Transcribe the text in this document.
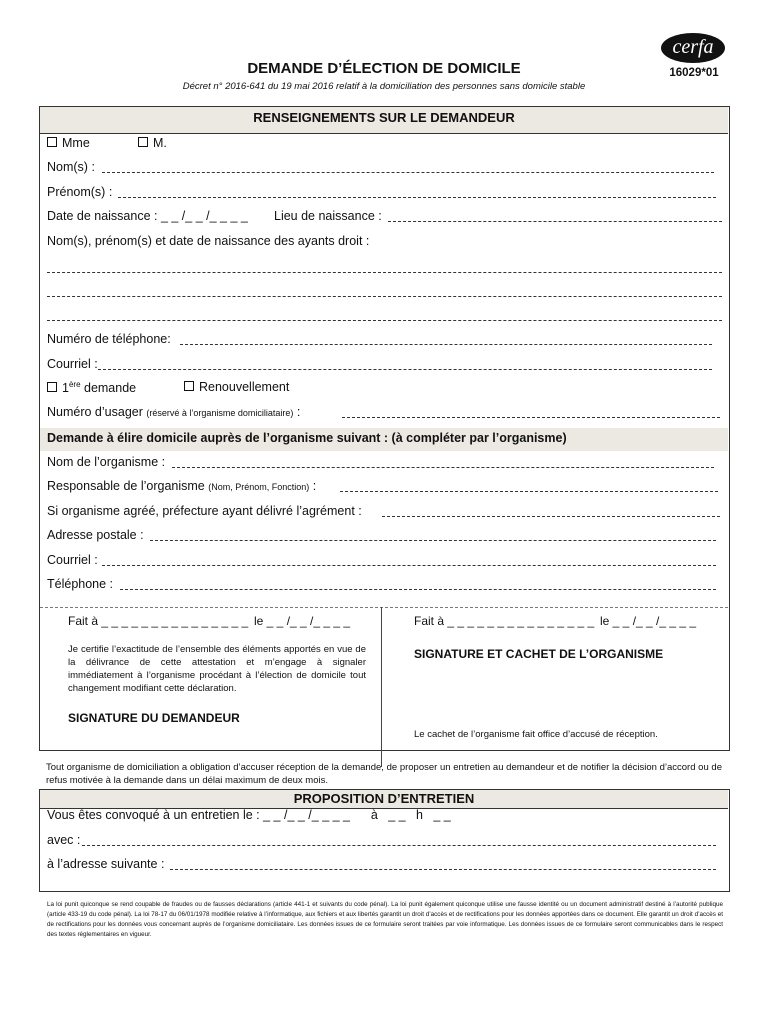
DEMANDE D’ÉLECTION DE DOMICILE
Décret n° 2016-641 du 19 mai 2016 relatif à la domiciliation des personnes sans domicile stable
cerfa
16029*01
RENSEIGNEMENTS SUR LE DEMANDEUR
Mme	M.
Nom(s) :
Prénom(s) :
Date de naissance : _ _ /_ _ /_ _ _ _ Lieu de naissance :
Nom(s), prénom(s) et date de naissance des ayants droit :
Numéro de téléphone:
Courriel :
1ère demande	Renouvellement
Numéro d’usager (réservé à l’organisme domiciliataire) :
Demande à élire domicile auprès de l’organisme suivant : (à compléter par l’organisme)
Nom de l’organisme :
Responsable de l’organisme (Nom, Prénom, Fonction) :
Si organisme agréé, préfecture ayant délivré l’agrément :
Adresse postale :
Courriel :
Téléphone :
Fait à _ _ _ _ _ _ _ _ _ _ _ _ _ _ _ le _ _ /_ _ /_ _ _ _
Je certifie l’exactitude de l’ensemble des éléments apportés en vue de la délivrance de cette attestation et m’engage à signaler immédiatement à l’organisme procédant à l’élection de domicile tout changement modifiant cette déclaration.
SIGNATURE DU DEMANDEUR
Fait à _ _ _ _ _ _ _ _ _ _ _ _ _ _ _ le _ _ /_ _ /_ _ _ _
SIGNATURE ET CACHET DE L’ORGANISME
Le cachet de l’organisme fait office d’accusé de réception.
Tout organisme de domiciliation a obligation d’accuser réception de la demande, de proposer un entretien au demandeur et de notifier la décision d’accord ou de refus motivée à la demande dans un délai maximum de deux mois.
PROPOSITION D’ENTRETIEN
Vous êtes convoqué à un entretien le : _ _ /_ _ /_ _ _ _      à   _ _   h   _ _
avec :
à l’adresse suivante :
La loi punit quiconque se rend coupable de fraudes ou de fausses déclarations (article 441-1 et suivants du code pénal). La loi punit également quiconque utilise une fausse identité ou un document administratif destiné à l’autorité publique (article 433-19 du code pénal). La loi 78-17 du 06/01/1978 modifiée relative à l’informatique, aux fichiers et aux libertés garantit un droit d’accès et de rectifications pour les données apportées dans ce document. Elle garantit un droit d’accès et de rectifications pour les données vous concernant auprès de l’organisme domiciliataire. Les données issues de ce formulaire seront traitées par voie informatique. Les données issues de ce formulaire seront communicables dans le respect des textes réglementaires en vigueur.
